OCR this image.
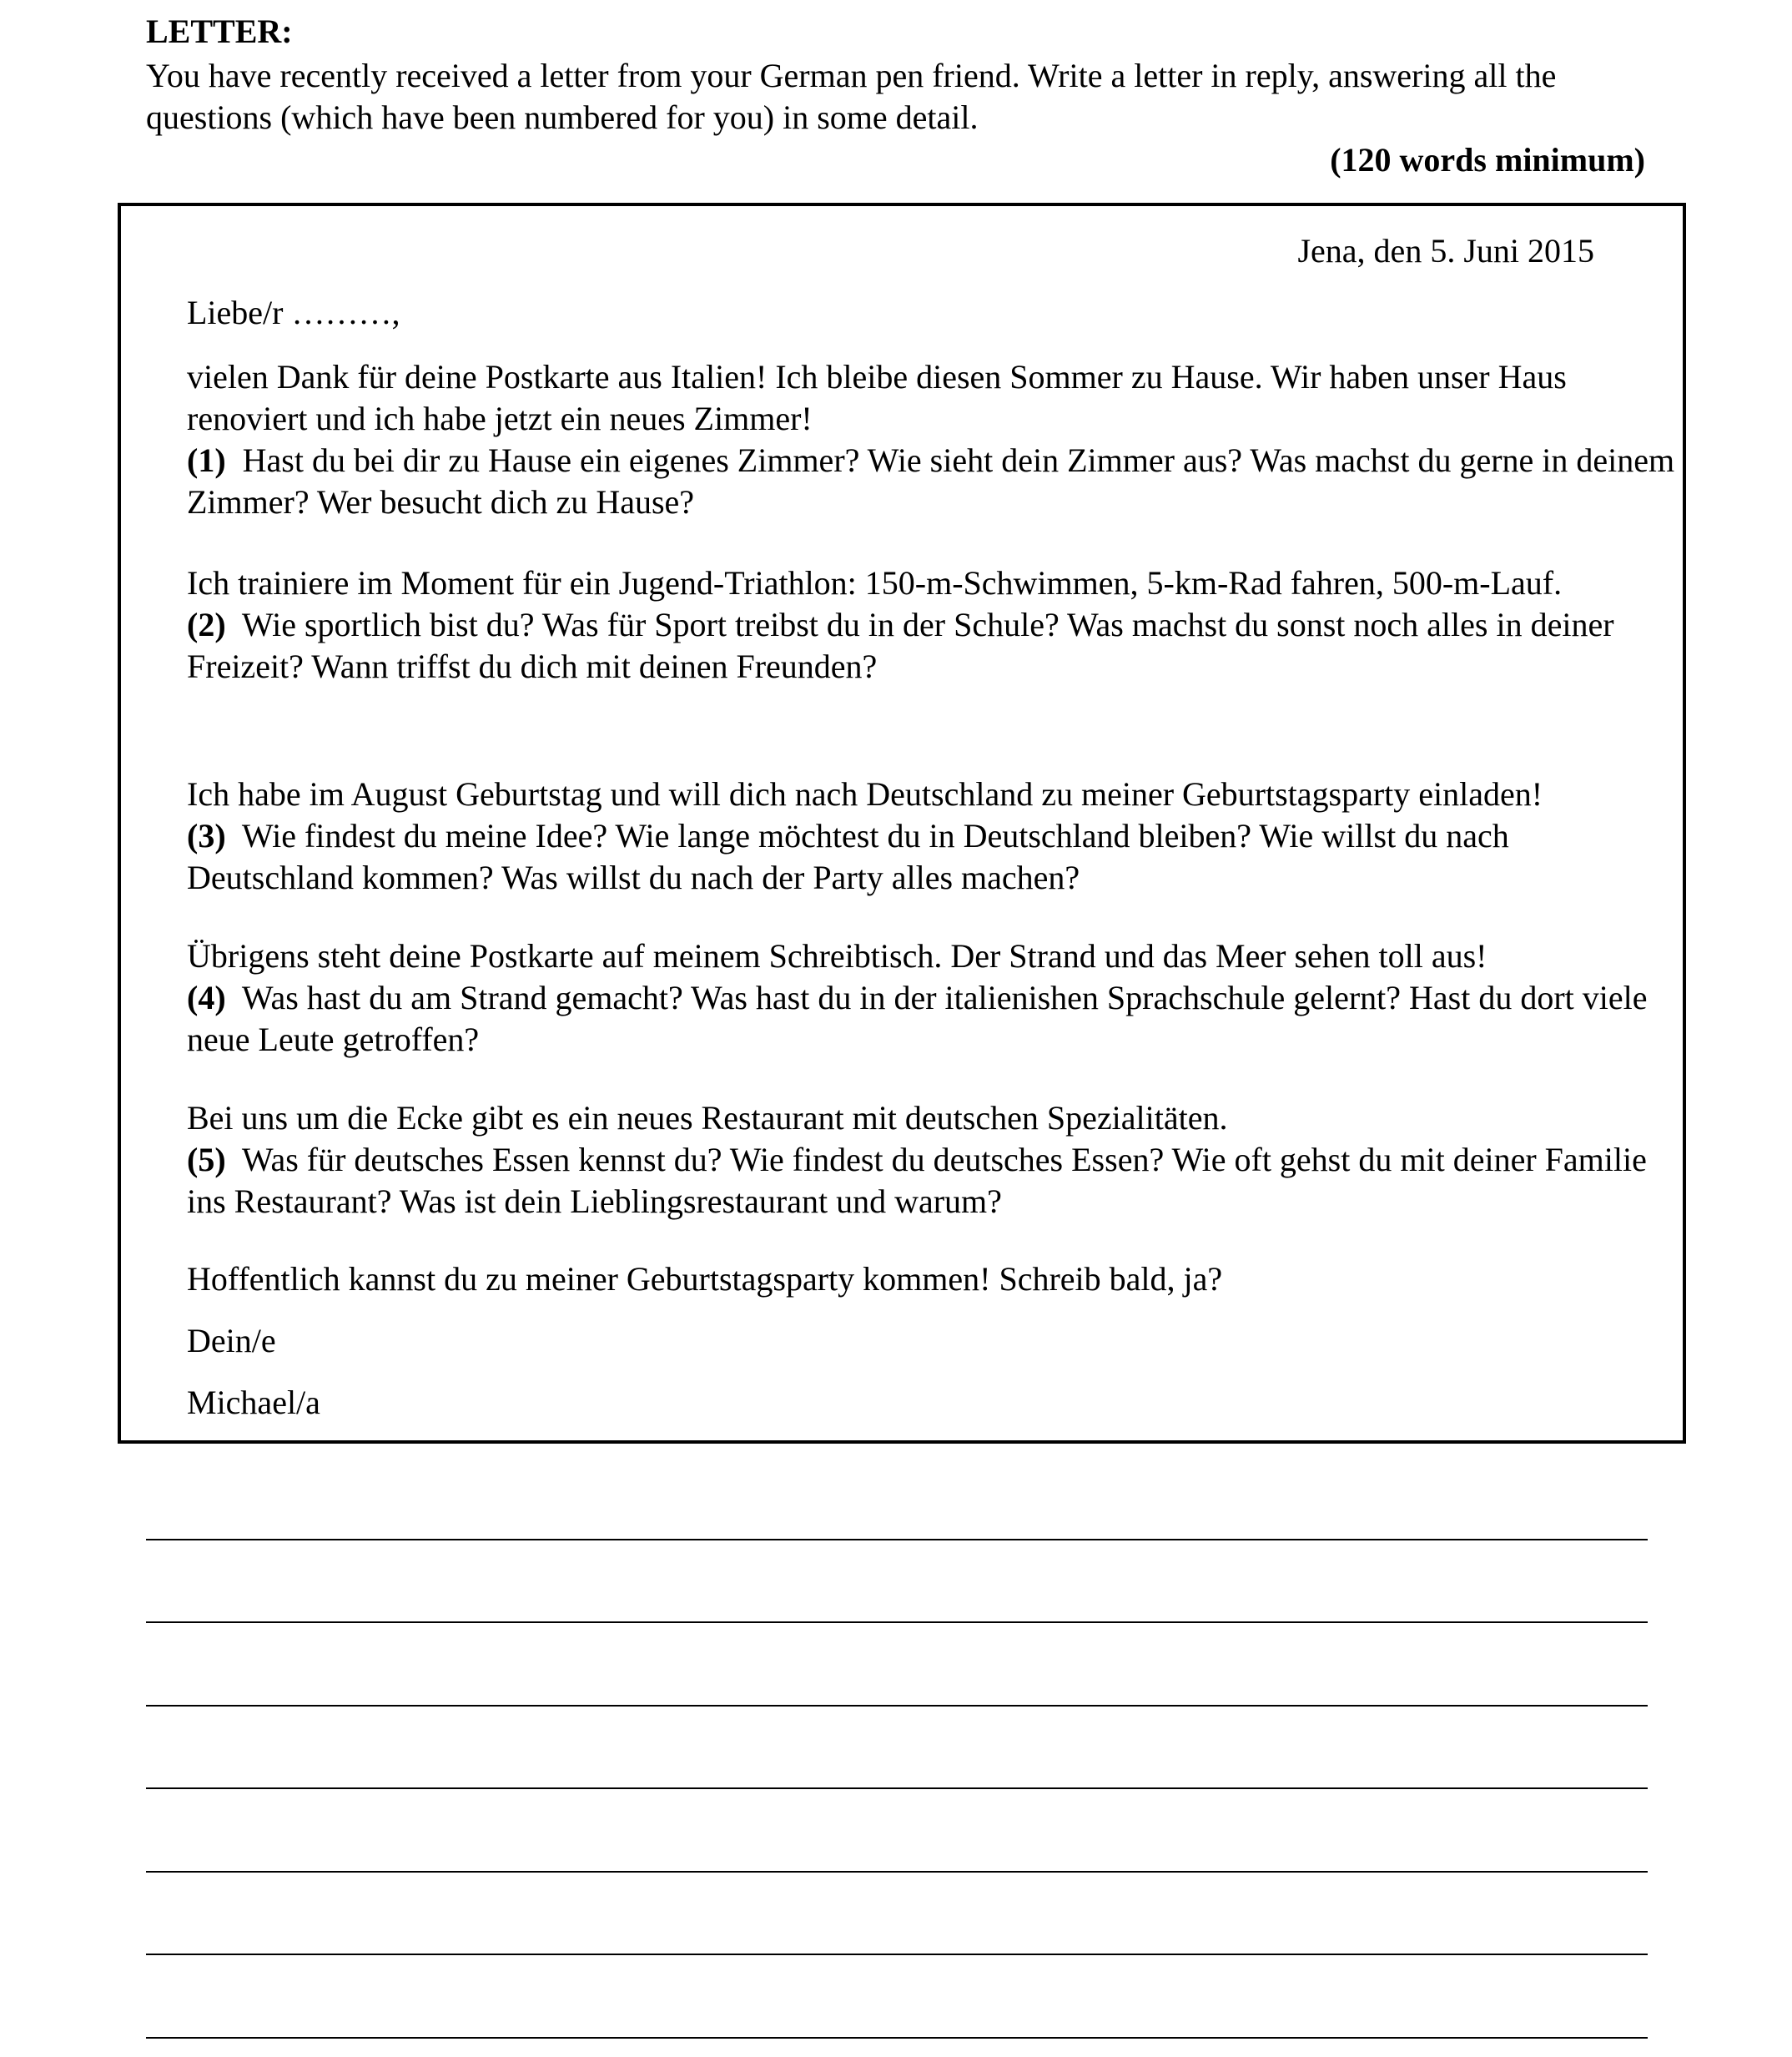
LETTER:
You have recently received a letter from your German pen friend. Write a letter in reply, answering all the questions (which have been numbered for you) in some detail.
(120 words minimum)
Jena, den 5. Juni 2015
Liebe/r ………,
vielen Dank für deine Postkarte aus Italien! Ich bleibe diesen Sommer zu Hause. Wir haben unser Haus renoviert und ich habe jetzt ein neues Zimmer!
(1) Hast du bei dir zu Hause ein eigenes Zimmer? Wie sieht dein Zimmer aus? Was machst du gerne in deinem Zimmer? Wer besucht dich zu Hause?
Ich trainiere im Moment für ein Jugend-Triathlon: 150-m-Schwimmen, 5-km-Rad fahren, 500-m-Lauf.
(2) Wie sportlich bist du? Was für Sport treibst du in der Schule? Was machst du sonst noch alles in deiner Freizeit? Wann triffst du dich mit deinen Freunden?
Ich habe im August Geburtstag und will dich nach Deutschland zu meiner Geburtstagsparty einladen!
(3) Wie findest du meine Idee? Wie lange möchtest du in Deutschland bleiben? Wie willst du nach Deutschland kommen? Was willst du nach der Party alles machen?
Übrigens steht deine Postkarte auf meinem Schreibtisch. Der Strand und das Meer sehen toll aus!
(4) Was hast du am Strand gemacht? Was hast du in der italienishen Sprachschule gelernt? Hast du dort viele neue Leute getroffen?
Bei uns um die Ecke gibt es ein neues Restaurant mit deutschen Spezialitäten.
(5) Was für deutsches Essen kennst du? Wie findest du deutsches Essen? Wie oft gehst du mit deiner Familie ins Restaurant? Was ist dein Lieblingsrestaurant und warum?
Hoffentlich kannst du zu meiner Geburtstagsparty kommen! Schreib bald, ja?
Dein/e
Michael/a
